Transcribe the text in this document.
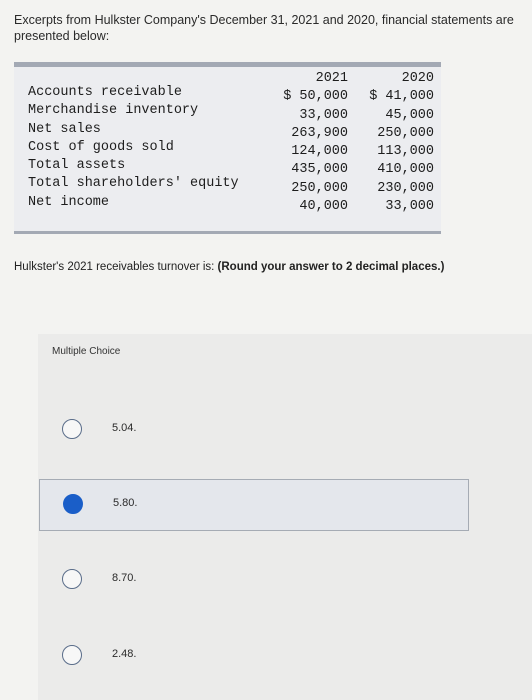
Excerpts from Hulkster Company's December 31, 2021 and 2020, financial statements are presented below:
Accounts receivable
Merchandise inventory
Net sales
Cost of goods sold
Total assets
Total shareholders' equity
Net income
2021
$ 50,000
33,000
263,900
124,000
435,000
250,000
40,000
2020
$ 41,000
45,000
250,000
113,000
410,000
230,000
33,000
Hulkster's 2021 receivables turnover is: (Round your answer to 2 decimal places.)
Multiple Choice
5.04.
5.80.
8.70.
2.48.
